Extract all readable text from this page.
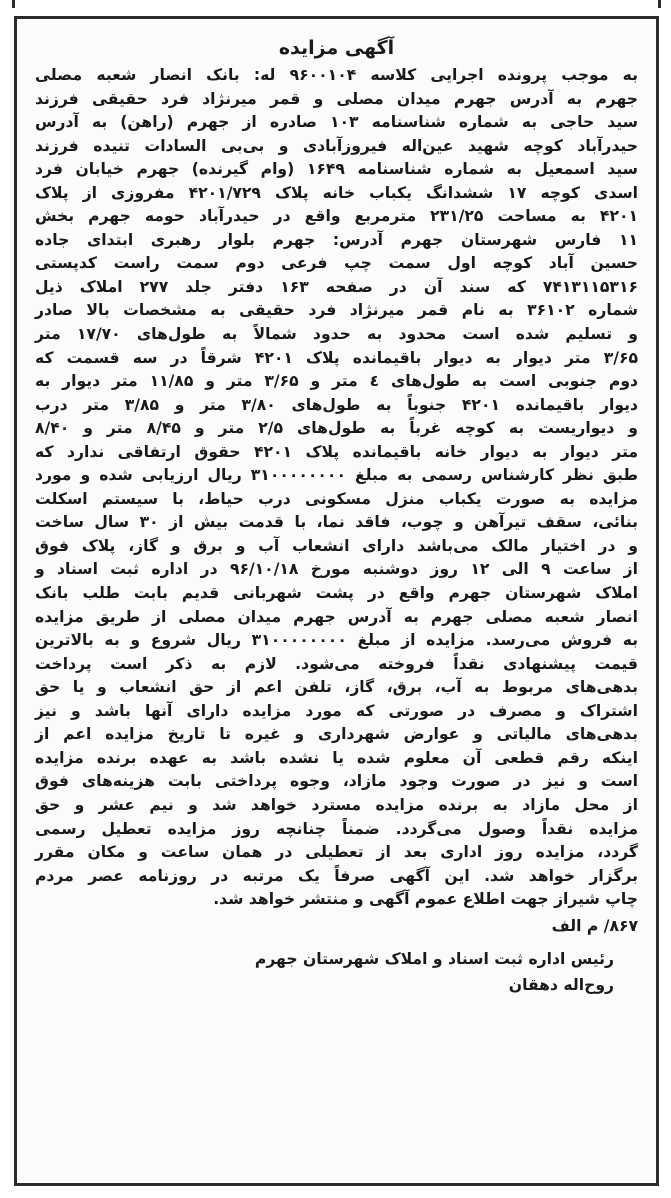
آگهی مزایده
به موجب پرونده اجرایی کلاسه ۹۶۰۰۱۰۴ له: بانک انصار شعبه مصلی
جهرم به آدرس جهرم میدان مصلی و قمر میرنژاد فرد حقیقی فرزند
سید حاجی به شماره شناسنامه ۱۰۳ صادره از جهرم (راهن) به آدرس
حیدرآباد کوچه شهید عین‌اله فیروزآبادی و بی‌بی السادات تنیده فرزند
سید اسمعیل به شماره شناسنامه ۱۶۴۹ (وام گیرنده) جهرم خیابان فرد
اسدی کوچه ۱۷ ششدانگ یکباب خانه پلاک ۴۲۰۱/۷۲۹ مفروزی از پلاک
۴۲۰۱ به مساحت ۲۳۱/۲۵ مترمربع واقع در حیدرآباد حومه جهرم بخش
۱۱ فارس شهرستان جهرم آدرس: جهرم بلوار رهبری ابتدای جاده
حسین آباد کوچه اول سمت چپ فرعی دوم سمت راست کدپستی
۷۴۱۳۱۱۵۳۱۶ که سند آن در صفحه ۱۶۳ دفتر جلد ۲۷۷ املاک ذیل
شماره ۳۶۱۰۲ به نام قمر میرنژاد فرد حقیقی به مشخصات بالا صادر
و تسلیم شده است محدود به حدود شمالاً به طول‌های ۱۷/۷۰ متر
۳/۶۵ متر دیوار به دیوار باقیمانده پلاک ۴۲۰۱ شرقاً در سه قسمت که
دوم جنوبی است به طول‌های ٤ متر و ۳/۶۵ متر و ۱۱/۸۵ متر دیوار به
دیوار باقیمانده ۴۲۰۱ جنوباً به طول‌های ۳/۸۰ متر و ۳/۸۵ متر درب
و دیواریست به کوچه غرباً به طول‌های ۲/۵ متر و ۸/۴۵ متر و ۸/۴۰
متر دیوار به دیوار خانه باقیمانده پلاک ۴۲۰۱ حقوق ارتفاقی ندارد که
طبق نظر کارشناس رسمی به مبلغ ۳۱۰۰۰۰۰۰۰۰ ریال ارزیابی شده و مورد
مزایده به صورت یکباب منزل مسکونی درب حیاط، با سیستم اسکلت
بنائی، سقف تیرآهن و چوب، فاقد نما، با قدمت بیش از ۳۰ سال ساخت
و در اختیار مالک می‌باشد دارای انشعاب آب و برق و گاز، پلاک فوق
از ساعت ۹ الی ۱۲ روز دوشنبه مورخ ۹۶/۱۰/۱۸ در اداره ثبت اسناد و
املاک شهرستان جهرم واقع در پشت شهربانی قدیم بابت طلب بانک
انصار شعبه مصلی جهرم به آدرس جهرم میدان مصلی از طریق مزایده
به فروش می‌رسد. مزایده از مبلغ ۳۱۰۰۰۰۰۰۰۰ ریال شروع و به بالاترین
قیمت پیشنهادی نقداً فروخته می‌شود. لازم به ذکر است پرداخت
بدهی‌های مربوط به آب، برق، گاز، تلفن اعم از حق انشعاب و یا حق
اشتراک و مصرف در صورتی که مورد مزایده دارای آنها باشد و نیز
بدهی‌های مالیاتی و عوارض شهرداری و غیره تا تاریخ مزایده اعم از
اینکه رقم قطعی آن معلوم شده یا نشده باشد به عهده برنده مزایده
است و نیز در صورت وجود مازاد، وجوه پرداختی بابت هزینه‌های فوق
از محل مازاد به برنده مزایده مسترد خواهد شد و نیم عشر و حق
مزایده نقداً وصول می‌گردد. ضمناً چنانچه روز مزایده تعطیل رسمی
گردد، مزایده روز اداری بعد از تعطیلی در همان ساعت و مکان مقرر
برگزار خواهد شد. این آگهی صرفاً یک مرتبه در روزنامه عصر مردم
چاپ شیراز جهت اطلاع عموم آگهی و منتشر خواهد شد.
۸۶۷/ م الف
رئیس اداره ثبت اسناد و املاک شهرستان جهرم
روح‌اله دهقان
